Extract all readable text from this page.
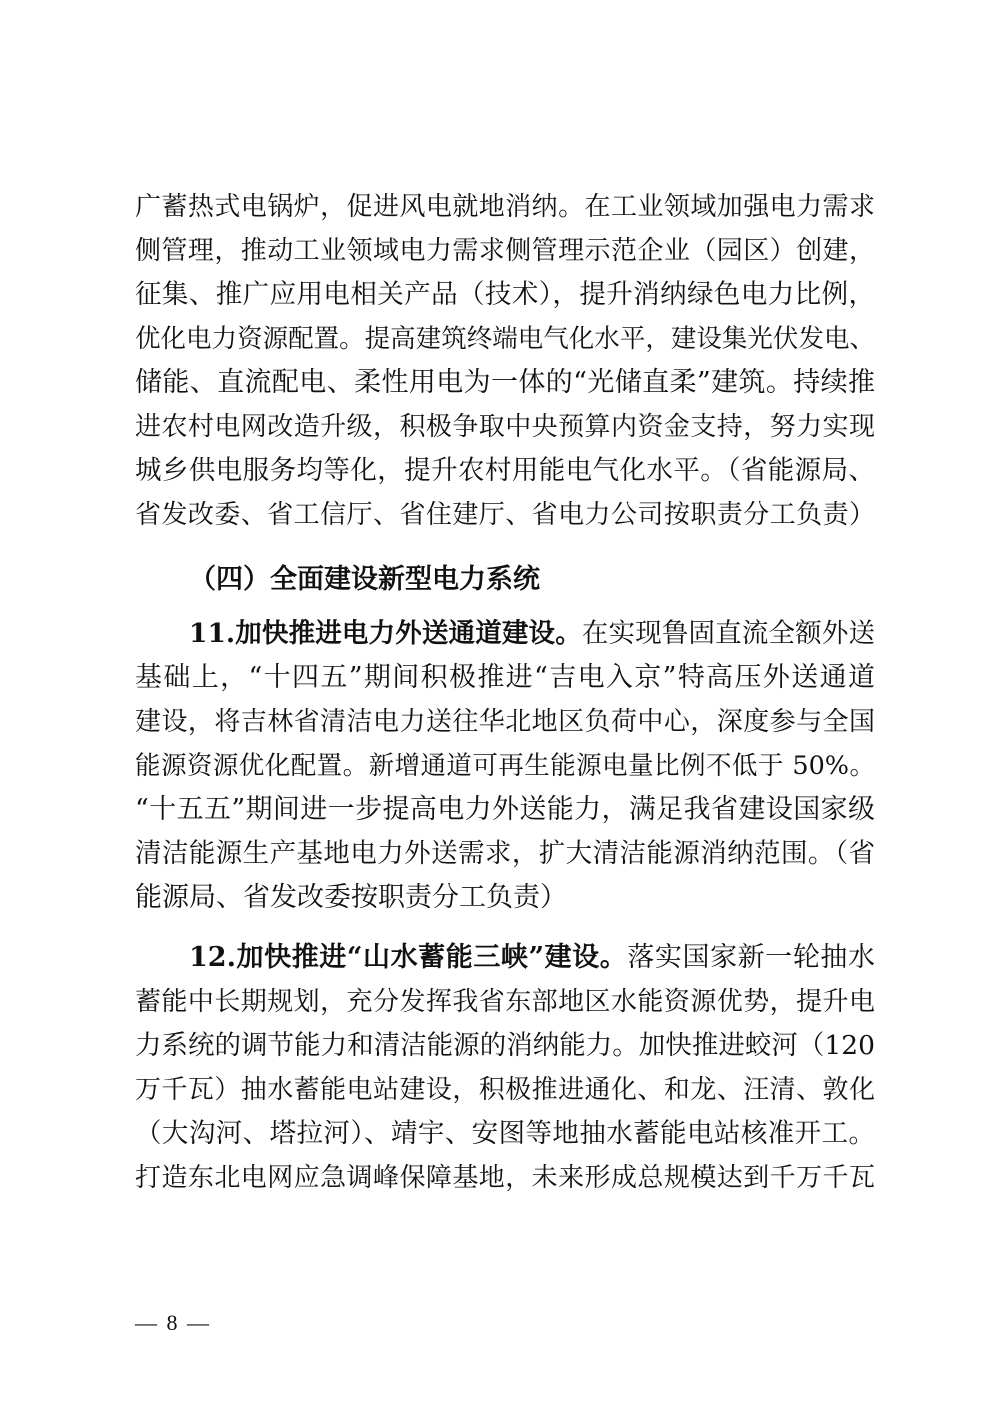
广蓄热式电锅炉，促进风电就地消纳。在工业领域加强电力需求
侧管理，推动工业领域电力需求侧管理示范企业（园区）创建，
征集、推广应用电相关产品（技术），提升消纳绿色电力比例，
优化电力资源配置。提高建筑终端电气化水平，建设集光伏发电、
储能、直流配电、柔性用电为一体的“光储直柔”建筑。持续推
进农村电网改造升级，积极争取中央预算内资金支持，努力实现
城乡供电服务均等化，提升农村用能电气化水平。（省能源局、
省发改委、省工信厅、省住建厅、省电力公司按职责分工负责）
（四）全面建设新型电力系统
11.加快推进电力外送通道建设。在实现鲁固直流全额外送
基础上，“十四五”期间积极推进“吉电入京”特高压外送通道
建设，将吉林省清洁电力送往华北地区负荷中心，深度参与全国
能源资源优化配置。新增通道可再生能源电量比例不低于 50%。
“十五五”期间进一步提高电力外送能力，满足我省建设国家级
清洁能源生产基地电力外送需求，扩大清洁能源消纳范围。（省
能源局、省发改委按职责分工负责）
12.加快推进“山水蓄能三峡”建设。落实国家新一轮抽水
蓄能中长期规划，充分发挥我省东部地区水能资源优势，提升电
力系统的调节能力和清洁能源的消纳能力。加快推进蛟河（120
万千瓦）抽水蓄能电站建设，积极推进通化、和龙、汪清、敦化
（大沟河、塔拉河）、靖宇、安图等地抽水蓄能电站核准开工。
打造东北电网应急调峰保障基地，未来形成总规模达到千万千瓦
— 8 —
